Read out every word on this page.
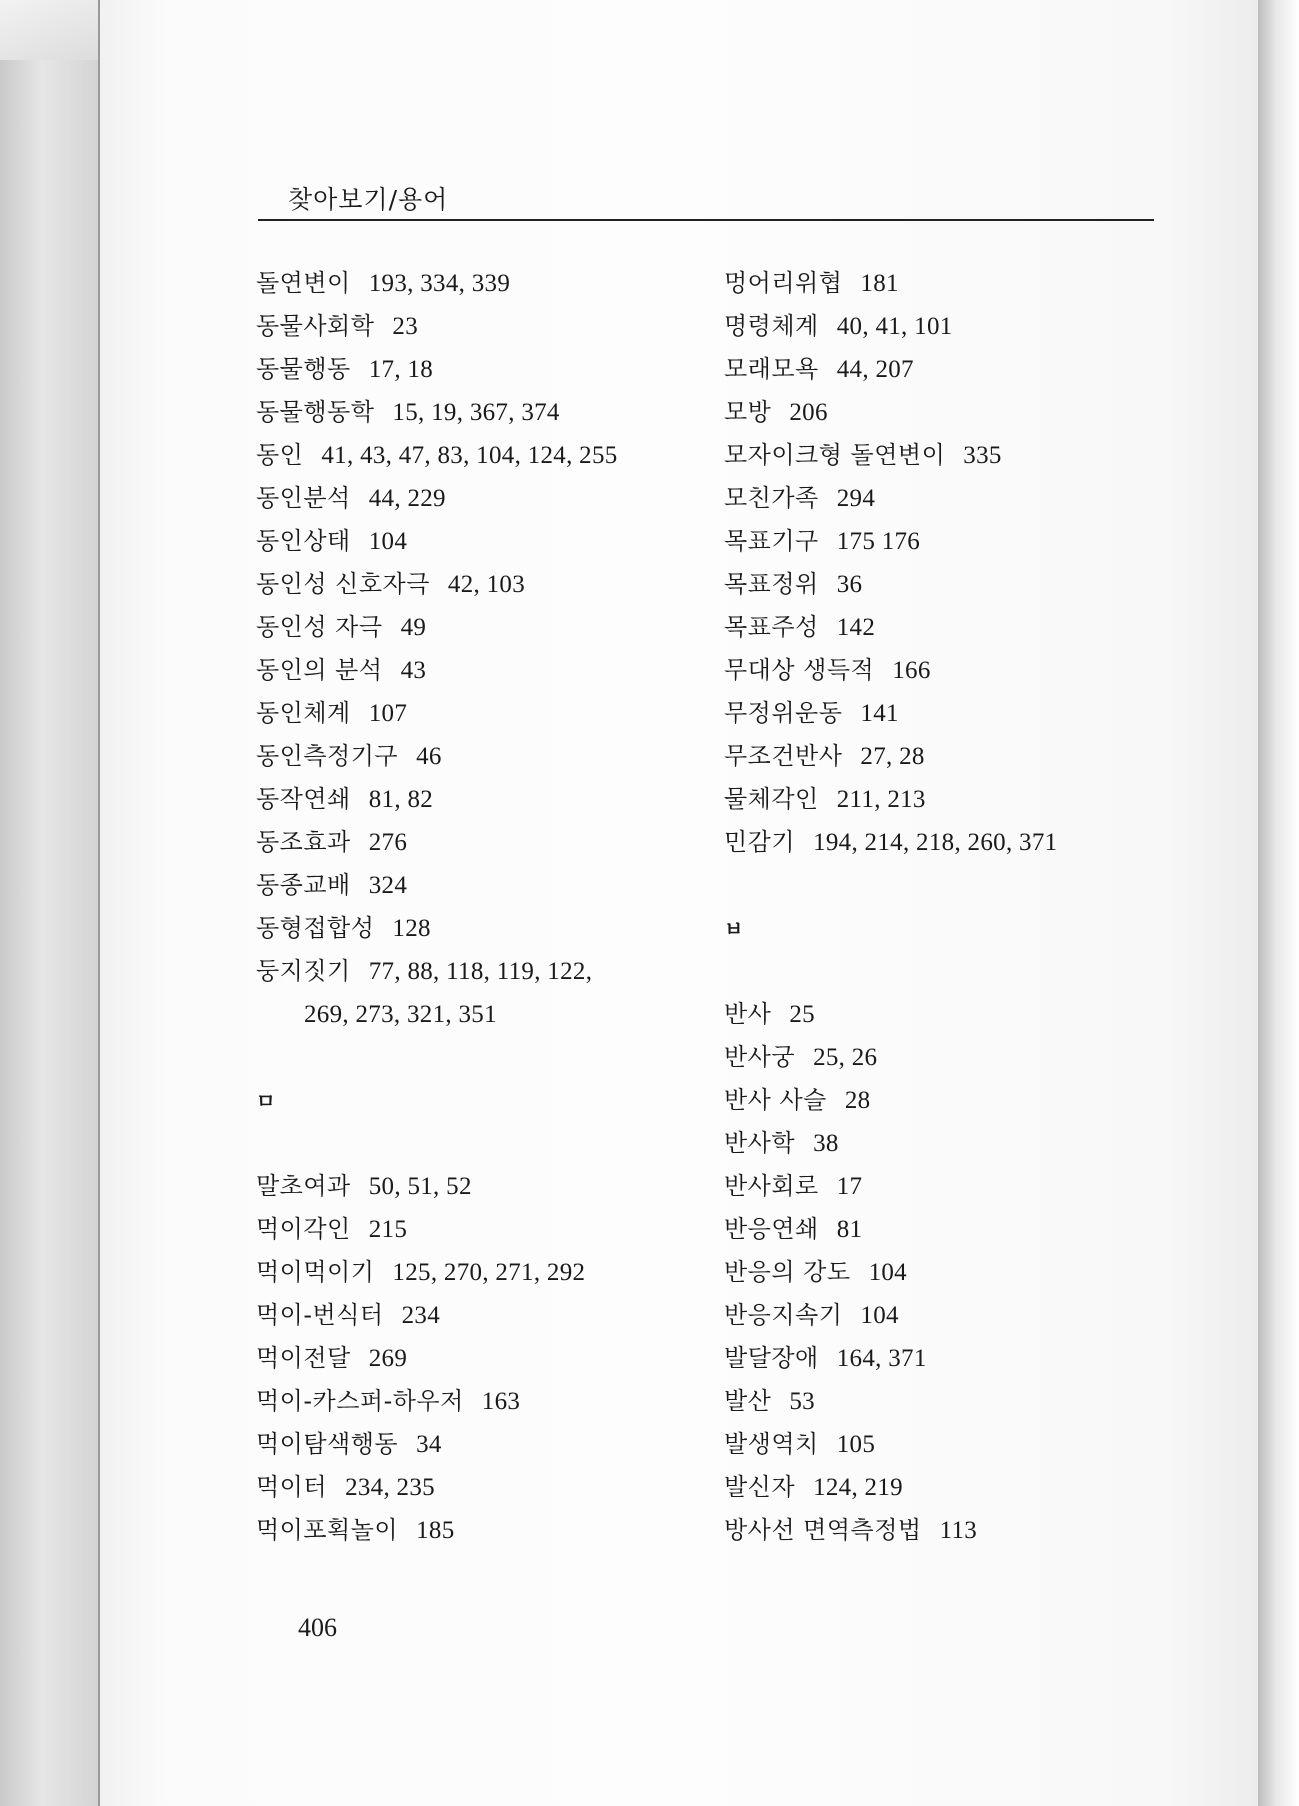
찾아보기/용어
돌연변이 193, 334, 339
동물사회학 23
동물행동 17, 18
동물행동학 15, 19, 367, 374
동인 41, 43, 47, 83, 104, 124, 255
동인분석 44, 229
동인상태 104
동인성 신호자극 42, 103
동인성 자극 49
동인의 분석 43
동인체계 107
동인측정기구 46
동작연쇄 81, 82
동조효과 276
동종교배 324
동형접합성 128
둥지짓기 77, 88, 118, 119, 122,
269, 273, 321, 351
ㅁ
말초여과 50, 51, 52
먹이각인 215
먹이먹이기 125, 270, 271, 292
먹이-번식터 234
먹이전달 269
먹이-카스퍼-하우저 163
먹이탐색행동 34
먹이터 234, 235
먹이포획놀이 185
멍어리위협 181
명령체계 40, 41, 101
모래모욕 44, 207
모방 206
모자이크형 돌연변이 335
모친가족 294
목표기구 175 176
목표정위 36
목표주성 142
무대상 생득적 166
무정위운동 141
무조건반사 27, 28
물체각인 211, 213
민감기 194, 214, 218, 260, 371
ㅂ
반사 25
반사궁 25, 26
반사 사슬 28
반사학 38
반사회로 17
반응연쇄 81
반응의 강도 104
반응지속기 104
발달장애 164, 371
발산 53
발생역치 105
발신자 124, 219
방사선 면역측정법 113
406
